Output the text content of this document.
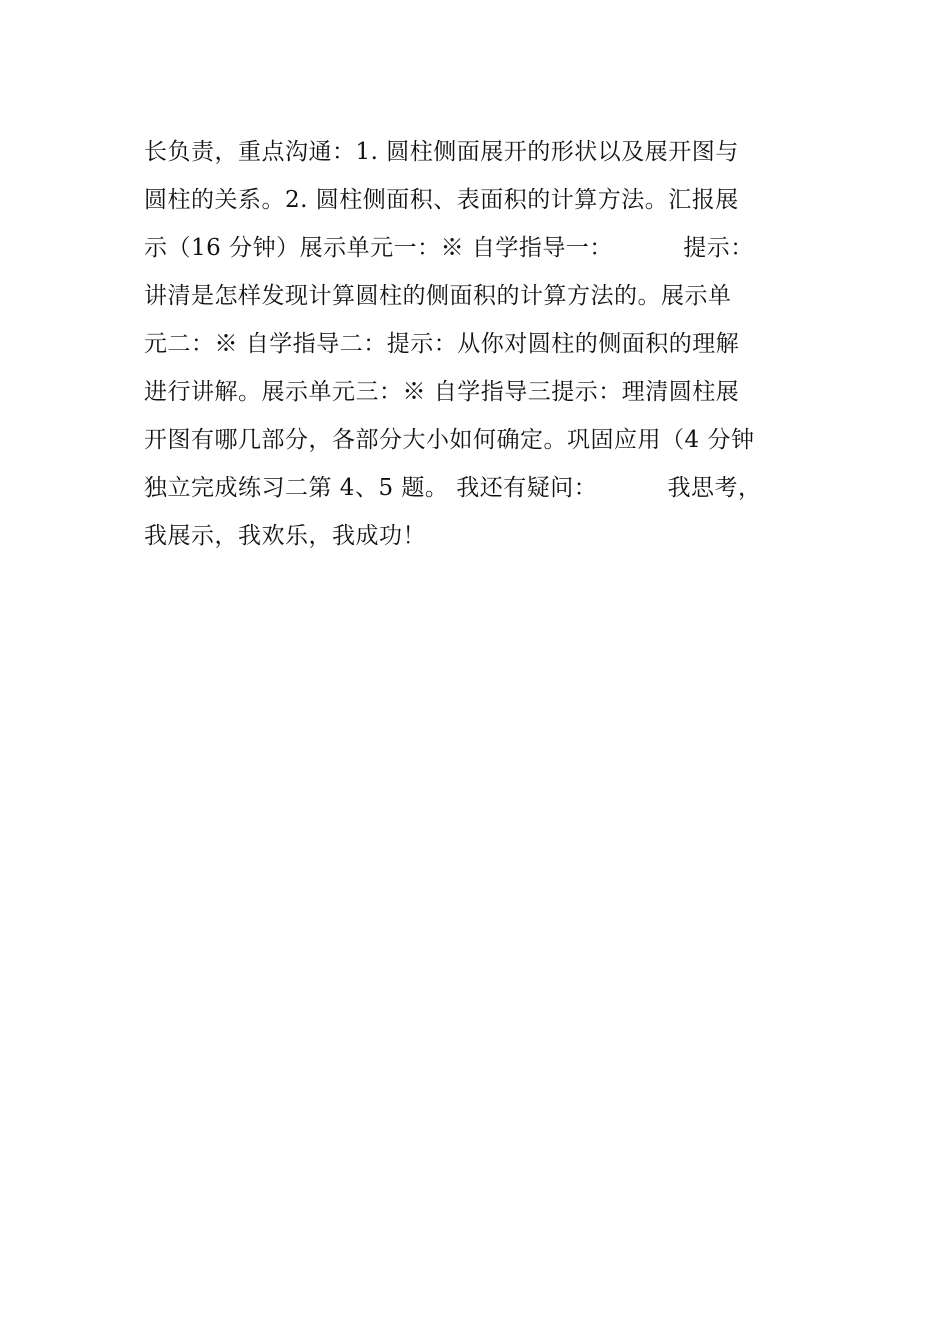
长负责，重点沟通：1. 圆柱侧面展开的形状以及展开图与
圆柱的关系。2. 圆柱侧面积、表面积的计算方法。汇报展
示（16 分钟）展示单元一：※ 自学指导一：         提示：
讲清是怎样发现计算圆柱的侧面积的计算方法的。展示单
元二：※ 自学指导二：提示：从你对圆柱的侧面积的理解
进行讲解。展示单元三：※ 自学指导三提示：理清圆柱展
开图有哪几部分，各部分大小如何确定。巩固应用（4 分钟
独立完成练习二第 4、5 题。 我还有疑问：         我思考，
我展示，我欢乐，我成功！
